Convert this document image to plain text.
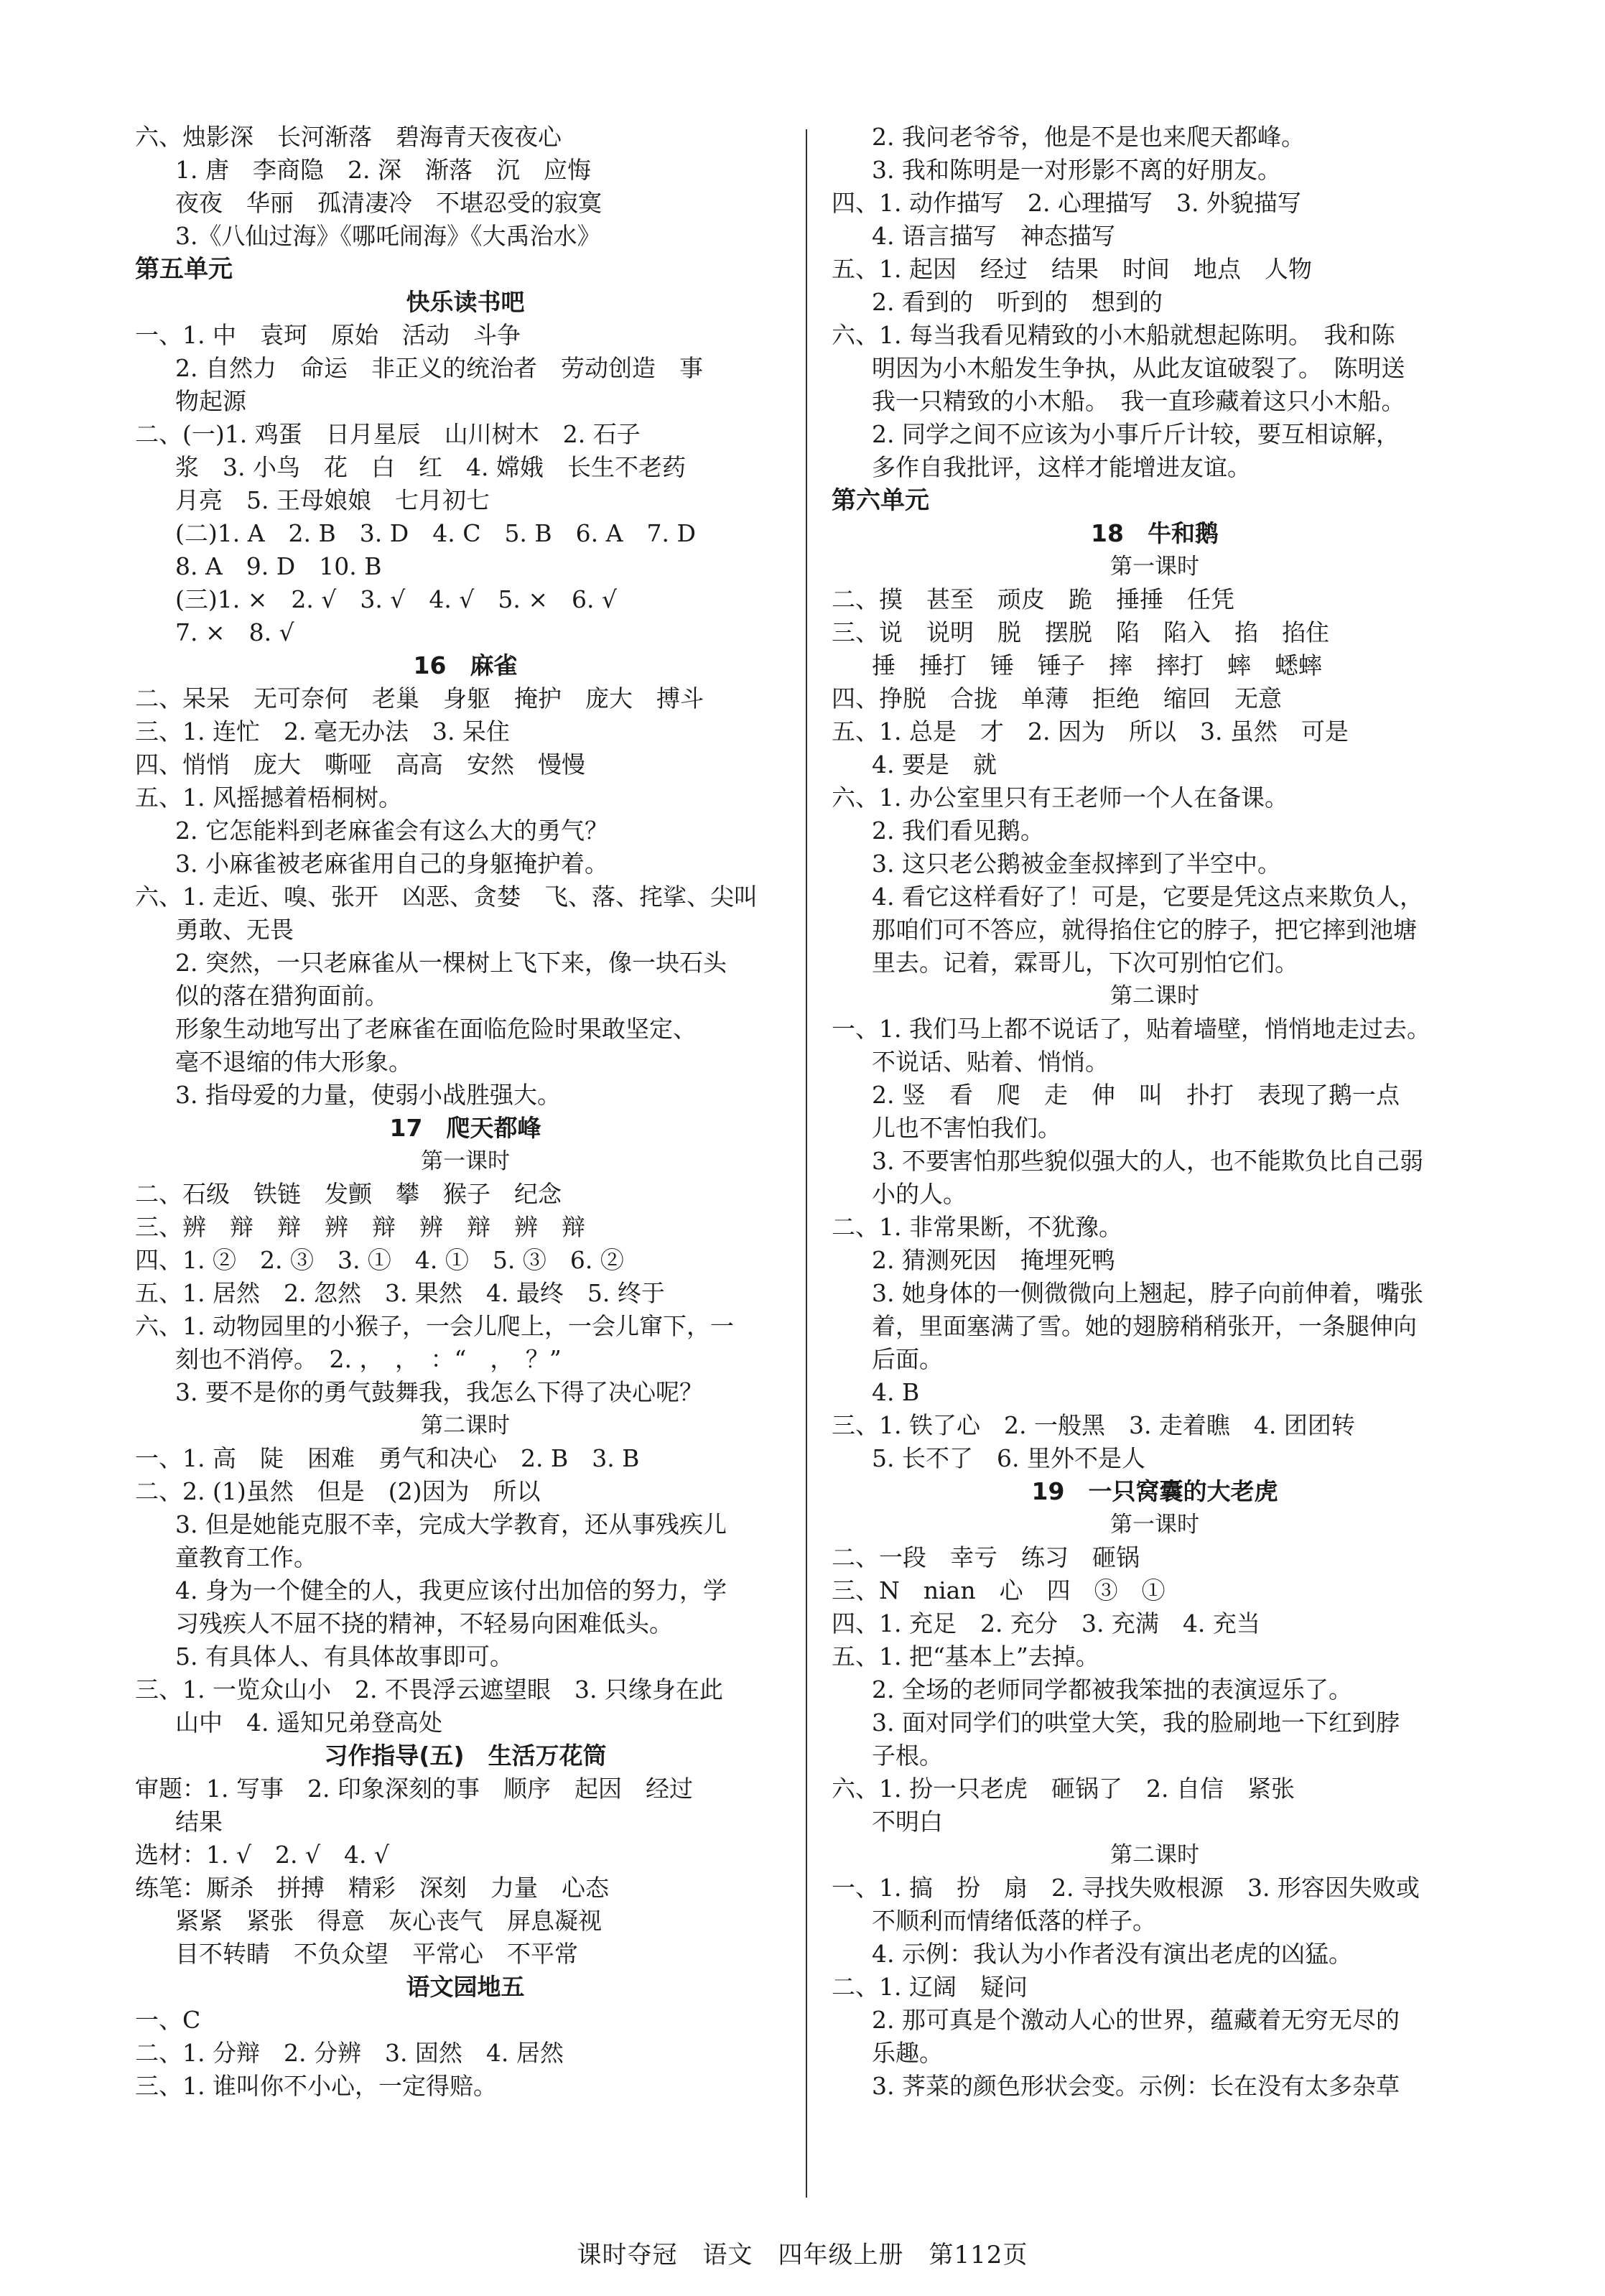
六、烛影深　长河渐落　碧海青天夜夜心
1. 唐　李商隐　2. 深　渐落　沉　应悔
夜夜　华丽　孤清凄冷　不堪忍受的寂寞
3.《八仙过海》《哪吒闹海》《大禹治水》
第五单元
快乐读书吧
一、1. 中　袁珂　原始　活动　斗争
2. 自然力　命运　非正义的统治者　劳动创造　事
物起源
二、(一)1. 鸡蛋　日月星辰　山川树木　2. 石子
浆　3. 小鸟　花　白　红　4. 嫦娥　长生不老药
月亮　5. 王母娘娘　七月初七
(二)1. A　2. B　3. D　4. C　5. B　6. A　7. D
8. A　9. D　10. B
(三)1. ×　2. √　3. √　4. √　5. ×　6. √
7. ×　8. √
16　麻雀
二、呆呆　无可奈何　老巢　身躯　掩护　庞大　搏斗
三、1. 连忙　2. 毫无办法　3. 呆住
四、悄悄　庞大　嘶哑　高高　安然　慢慢
五、1. 风摇撼着梧桐树。
2. 它怎能料到老麻雀会有这么大的勇气？
3. 小麻雀被老麻雀用自己的身躯掩护着。
六、1. 走近、嗅、张开　凶恶、贪婪　飞、落、挓挲、尖叫
勇敢、无畏
2. 突然，一只老麻雀从一棵树上飞下来，像一块石头
似的落在猎狗面前。
形象生动地写出了老麻雀在面临危险时果敢坚定、
毫不退缩的伟大形象。
3. 指母爱的力量，使弱小战胜强大。
17　爬天都峰
第一课时
二、石级　铁链　发颤　攀　猴子　纪念
三、辨　辩　辩　辨　辩　辨　辩　辨　辩
四、1. ②　2. ③　3. ①　4. ①　5. ③　6. ②
五、1. 居然　2. 忽然　3. 果然　4. 最终　5. 终于
六、1. 动物园里的小猴子，一会儿爬上，一会儿窜下，一
刻也不消停。　2. ，　，　：“　，　？”
3. 要不是你的勇气鼓舞我，我怎么下得了决心呢？
第二课时
一、1. 高　陡　困难　勇气和决心　2. B　3. B
二、2. (1)虽然　但是　(2)因为　所以
3. 但是她能克服不幸，完成大学教育，还从事残疾儿
童教育工作。
4. 身为一个健全的人，我更应该付出加倍的努力，学
习残疾人不屈不挠的精神，不轻易向困难低头。
5. 有具体人、有具体故事即可。
三、1. 一览众山小　2. 不畏浮云遮望眼　3. 只缘身在此
山中　4. 遥知兄弟登高处
习作指导(五)　生活万花筒
审题：1. 写事　2. 印象深刻的事　顺序　起因　经过
结果
选材：1. √　2. √　4. √
练笔：厮杀　拼搏　精彩　深刻　力量　心态
紧紧　紧张　得意　灰心丧气　屏息凝视
目不转睛　不负众望　平常心　不平常
语文园地五
一、C
二、1. 分辩　2. 分辨　3. 固然　4. 居然
三、1. 谁叫你不小心，一定得赔。
2. 我问老爷爷，他是不是也来爬天都峰。
3. 我和陈明是一对形影不离的好朋友。
四、1. 动作描写　2. 心理描写　3. 外貌描写
4. 语言描写　神态描写
五、1. 起因　经过　结果　时间　地点　人物
2. 看到的　听到的　想到的
六、1. 每当我看见精致的小木船就想起陈明。　我和陈
明因为小木船发生争执，从此友谊破裂了。　陈明送
我一只精致的小木船。　我一直珍藏着这只小木船。
2. 同学之间不应该为小事斤斤计较，要互相谅解，
多作自我批评，这样才能增进友谊。
第六单元
18　牛和鹅
第一课时
二、摸　甚至　顽皮　跪　捶捶　任凭
三、说　说明　脱　摆脱　陷　陷入　掐　掐住
捶　捶打　锤　锤子　摔　摔打　蟀　蟋蟀
四、挣脱　合拢　单薄　拒绝　缩回　无意
五、1. 总是　才　2. 因为　所以　3. 虽然　可是
4. 要是　就
六、1. 办公室里只有王老师一个人在备课。
2. 我们看见鹅。
3. 这只老公鹅被金奎叔摔到了半空中。
4. 看它这样看好了！可是，它要是凭这点来欺负人，
那咱们可不答应，就得掐住它的脖子，把它摔到池塘
里去。记着，霖哥儿，下次可别怕它们。
第二课时
一、1. 我们马上都不说话了，贴着墙壁，悄悄地走过去。
不说话、贴着、悄悄。
2. 竖　看　爬　走　伸　叫　扑打　表现了鹅一点
儿也不害怕我们。
3. 不要害怕那些貌似强大的人，也不能欺负比自己弱
小的人。
二、1. 非常果断，不犹豫。
2. 猜测死因　掩埋死鸭
3. 她身体的一侧微微向上翘起，脖子向前伸着，嘴张
着，里面塞满了雪。她的翅膀稍稍张开，一条腿伸向
后面。
4. B
三、1. 铁了心　2. 一般黑　3. 走着瞧　4. 团团转
5. 长不了　6. 里外不是人
19　一只窝囊的大老虎
第一课时
二、一段　幸亏　练习　砸锅
三、N　nian　心　四　③　①
四、1. 充足　2. 充分　3. 充满　4. 充当
五、1. 把“基本上”去掉。
2. 全场的老师同学都被我笨拙的表演逗乐了。
3. 面对同学们的哄堂大笑，我的脸刷地一下红到脖
子根。
六、1. 扮一只老虎　砸锅了　2. 自信　紧张
不明白
第二课时
一、1. 搞　扮　扇　2. 寻找失败根源　3. 形容因失败或
不顺利而情绪低落的样子。
4. 示例：我认为小作者没有演出老虎的凶猛。
二、1. 辽阔　疑问
2. 那可真是个激动人心的世界，蕴藏着无穷无尽的
乐趣。
3. 荠菜的颜色形状会变。示例：长在没有太多杂草
课时夺冠　语文　四年级上册　第112页
